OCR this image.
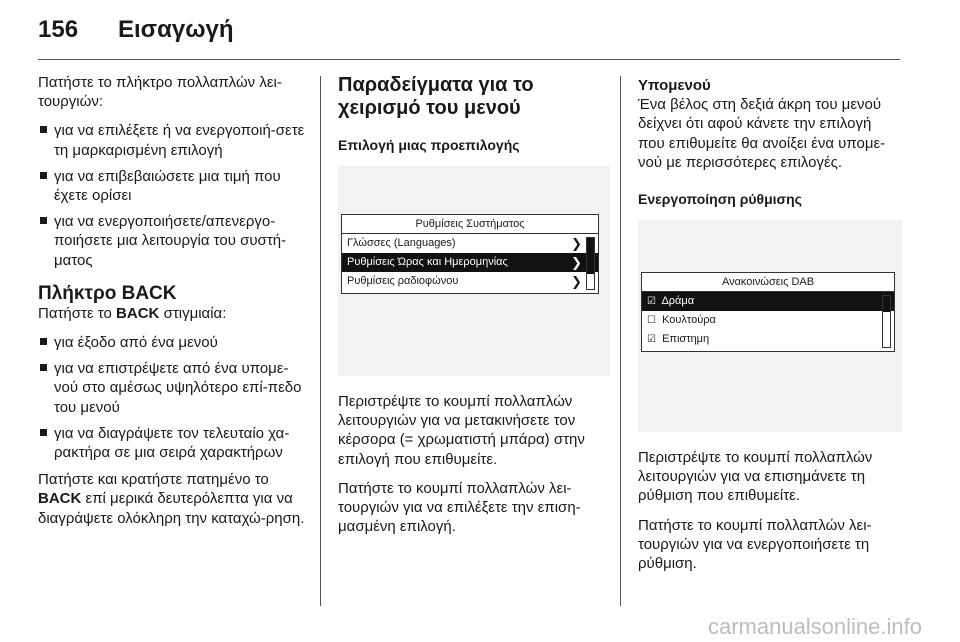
156 Εισαγωγή

Πατήστε το πλήκτρο πολλαπλών λει-τουργιών:

για να επιλέξετε ή να ενεργοποιή-σετε τη μαρκαρισμένη επιλογή
για να επιβεβαιώσετε μια τιμή που έχετε ορίσει
για να ενεργοποιήσετε/απενεργο-ποιήσετε μια λειτουργία του συστή-ματος
Πλήκτρο BACK

Πατήστε το BACK στιγμιαία:

για έξοδο από ένα μενού
για να επιστρέψετε από ένα υπομε-νού στο αμέσως υψηλότερο επί-πεδο του μενού
για να διαγράψετε τον τελευταίο χα-ρακτήρα σε μια σειρά χαρακτήρων

Πατήστε και κρατήστε πατημένο το BACK επί μερικά δευτερόλεπτα για να διαγράψετε ολόκληρη την καταχώ-ρηση.

Παραδείγματα για το χειρισμό του μενού
Επιλογή μιας προεπιλογής
Ρυθμίσεις Συστήματος
Γλώσσες (Languages)	❯
Ρυθμίσεις Ώρας και Ημερομηνίας	❯
Ρυθμίσεις ραδιοφώνου	❯

Περιστρέψτε το κουμπί πολλαπλών λειτουργιών για να μετακινήσετε τον κέρσορα (= χρωματιστή μπάρα) στην επιλογή που επιθυμείτε.

Πατήστε το κουμπί πολλαπλών λει-τουργιών για να επιλέξετε την επιση-μασμένη επιλογή.

Υπομενού

Ένα βέλος στη δεξιά άκρη του μενού δείχνει ότι αφού κάνετε την επιλογή που επιθυμείτε θα ανοίξει ένα υπομε-νού με περισσότερες επιλογές.

Ενεργοποίηση ρύθμισης
Ανακοινώσεις DAB
☑ Δράμα
☐ Κουλτούρα
☑ Επιστημη

Περιστρέψτε το κουμπί πολλαπλών λειτουργιών για να επισημάνετε τη ρύθμιση που επιθυμείτε.

Πατήστε το κουμπί πολλαπλών λει-τουργιών για να ενεργοποιήσετε τη ρύθμιση.

carmanualsonline.info
